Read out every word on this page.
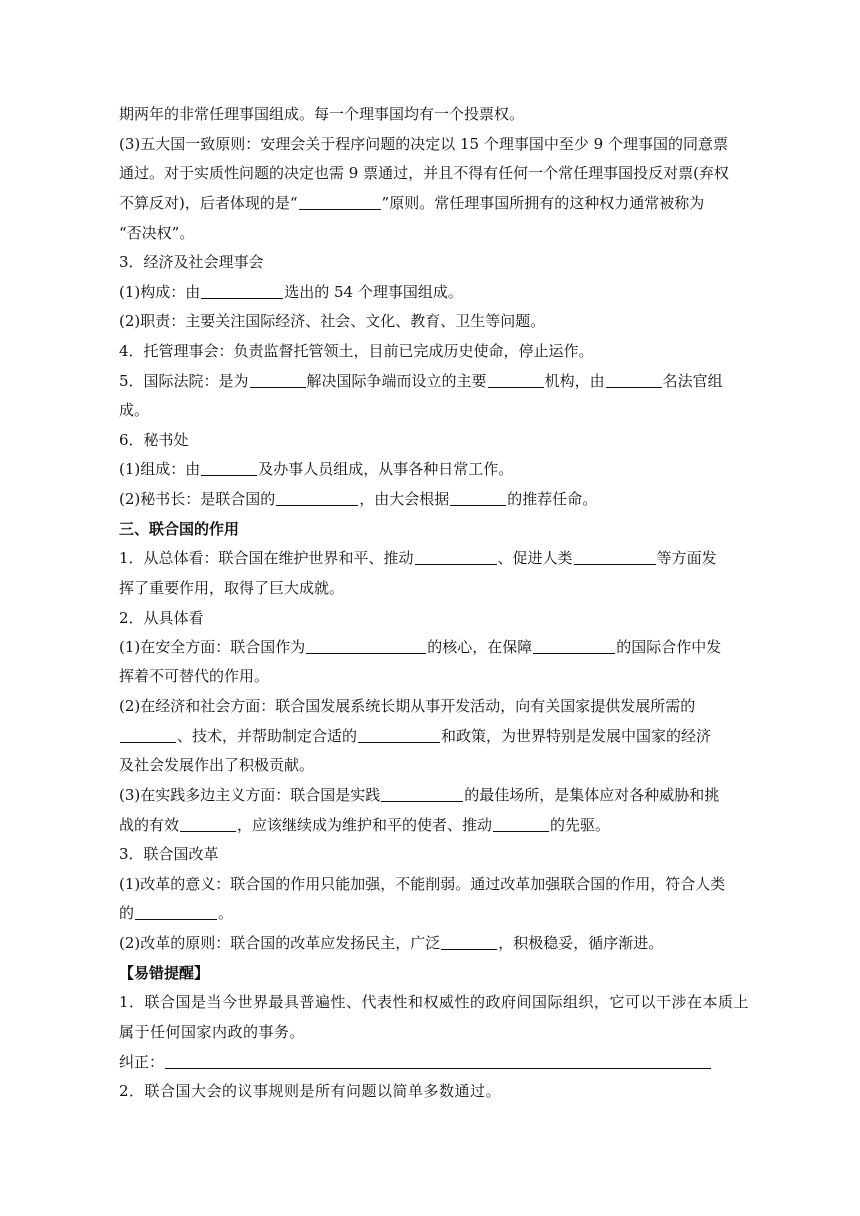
期两年的非常任理事国组成。每一个理事国均有一个投票权。
(3)五大国一致原则：安理会关于程序问题的决定以 15 个理事国中至少 9 个理事国的同意票
通过。对于实质性问题的决定也需 9 票通过，并且不得有任何一个常任理事国投反对票(弃权
不算反对)，后者体现的是“	”原则。常任理事国所拥有的这种权力通常被称为
“否决权”。
3．经济及社会理事会
(1)构成：由	选出的 54 个理事国组成。
(2)职责：主要关注国际经济、社会、文化、教育、卫生等问题。
4．托管理事会：负责监督托管领土，目前已完成历史使命，停止运作。
5．国际法院：是为	解决国际争端而设立的主要	机构，由	名法官组
成。
6．秘书处
(1)组成：由	及办事人员组成，从事各种日常工作。
(2)秘书长：是联合国的	，由大会根据	的推荐任命。
三、联合国的作用
1．从总体看：联合国在维护世界和平、推动	、促进人类	等方面发
挥了重要作用，取得了巨大成就。
2．从具体看
(1)在安全方面：联合国作为	的核心，在保障	的国际合作中发
挥着不可替代的作用。
(2)在经济和社会方面：联合国发展系统长期从事开发活动，向有关国家提供发展所需的
、技术，并帮助制定合适的	和政策，为世界特别是发展中国家的经济
及社会发展作出了积极贡献。
(3)在实践多边主义方面：联合国是实践	的最佳场所，是集体应对各种威胁和挑
战的有效	，应该继续成为维护和平的使者、推动	的先驱。
3．联合国改革
(1)改革的意义：联合国的作用只能加强，不能削弱。通过改革加强联合国的作用，符合人类
的	。
(2)改革的原则：联合国的改革应发扬民主，广泛	，积极稳妥，循序渐进。
【易错提醒】
1．联合国是当今世界最具普遍性、代表性和权威性的政府间国际组织，它可以干涉在本质上
属于任何国家内政的事务。
纠正：
2．联合国大会的议事规则是所有问题以简单多数通过。
